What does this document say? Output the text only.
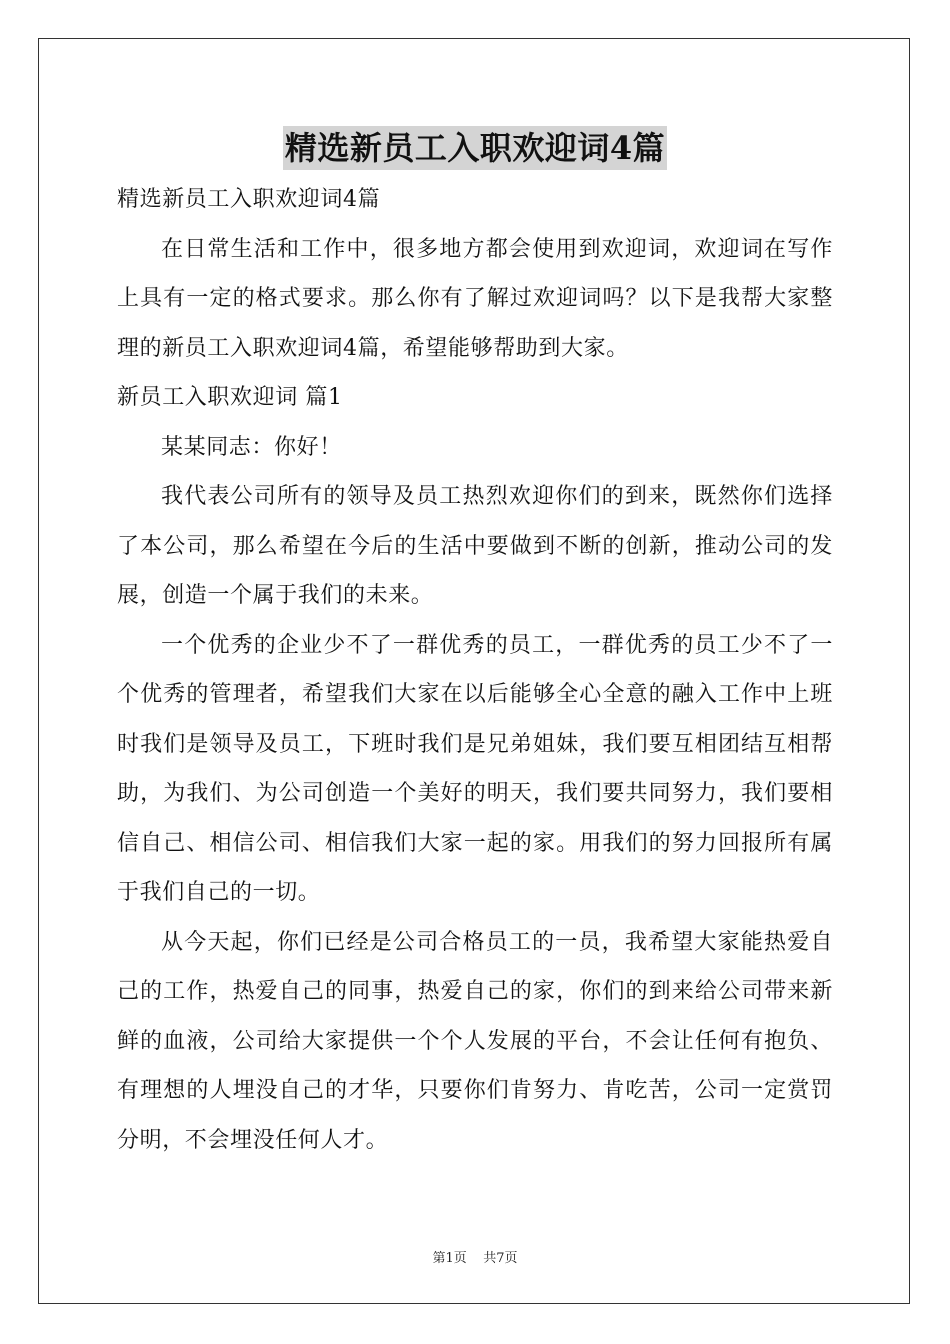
精选新员工入职欢迎词4篇

精选新员工入职欢迎词4篇

在日常生活和工作中，很多地方都会使用到欢迎词，欢迎词在写作上具有一定的格式要求。那么你有了解过欢迎词吗？以下是我帮大家整理的新员工入职欢迎词4篇，希望能够帮助到大家。

新员工入职欢迎词 篇1

某某同志：你好！

我代表公司所有的领导及员工热烈欢迎你们的到来，既然你们选择了本公司，那么希望在今后的生活中要做到不断的创新，推动公司的发展，创造一个属于我们的未来。

一个优秀的企业少不了一群优秀的员工，一群优秀的员工少不了一个优秀的管理者，希望我们大家在以后能够全心全意的融入工作中上班时我们是领导及员工，下班时我们是兄弟姐妹，我们要互相团结互相帮助，为我们、为公司创造一个美好的明天，我们要共同努力，我们要相信自己、相信公司、相信我们大家一起的家。用我们的努力回报所有属于我们自己的一切。

从今天起，你们已经是公司合格员工的一员，我希望大家能热爱自己的工作，热爱自己的同事，热爱自己的家，你们的到来给公司带来新鲜的血液，公司给大家提供一个个人发展的平台，不会让任何有抱负、有理想的人埋没自己的才华，只要你们肯努力、肯吃苦，公司一定赏罚分明，不会埋没任何人才。

第1页 共7页
